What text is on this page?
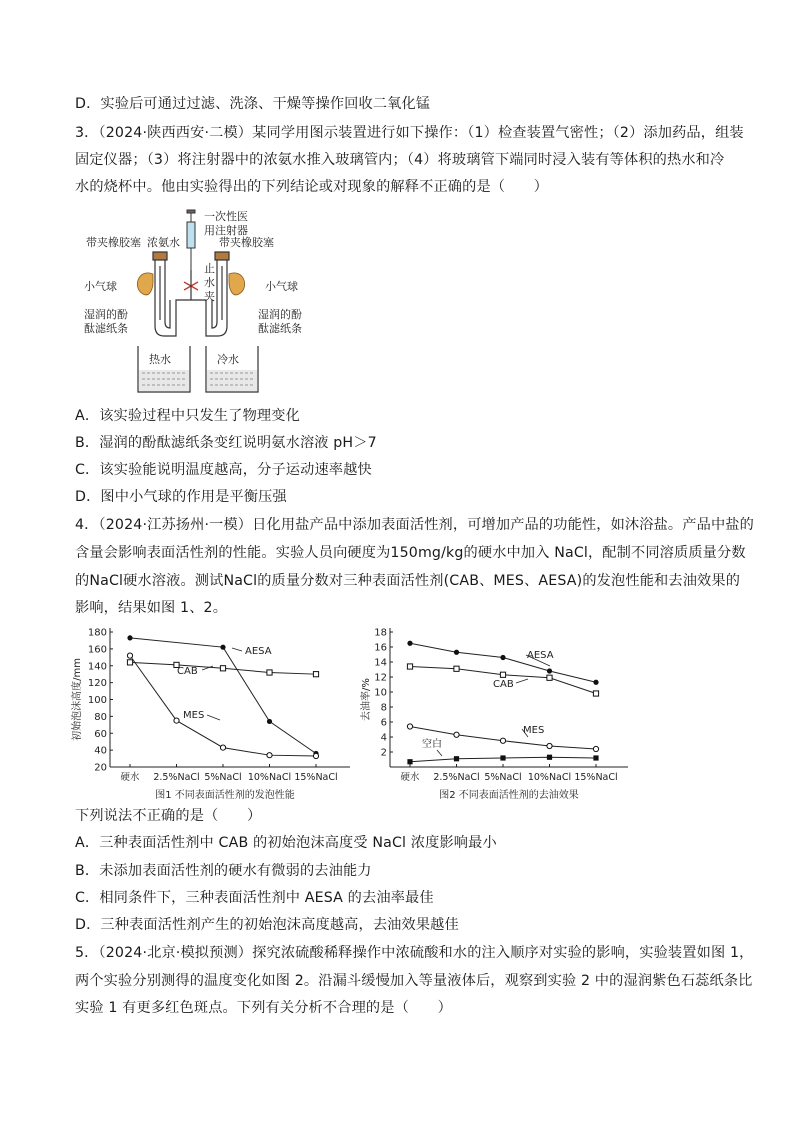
D．实验后可通过过滤、洗涤、干燥等操作回收二氧化锰
3．（2024·陕西西安·二模）某同学用图示装置进行如下操作：（1）检查装置气密性；（2）添加药品，组装
固定仪器；（3）将注射器中的浓氨水推入玻璃管内；（4）将玻璃管下端同时浸入装有等体积的热水和冷
水的烧杯中。他由实验得出的下列结论或对现象的解释不正确的是（　　）
一次性医
用注射器
带夹橡胶塞 浓氨水	带夹橡胶塞
止
水
夹
小气球	小气球
湿润的酚
酞滤纸条
湿润的酚
酞滤纸条
热水	冷水
A．该实验过程中只发生了物理变化
B．湿润的酚酞滤纸条变红说明氨水溶液 pH＞7
C．该实验能说明温度越高，分子运动速率越快
D．图中小气球的作用是平衡压强
4．（2024·江苏扬州·一模）日化用盐产品中添加表面活性剂，可增加产品的功能性，如沐浴盐。产品中盐的
含量会影响表面活性剂的性能。实验人员向硬度为150mg/kg的硬水中加入 NaCl，配制不同溶质质量分数
的NaCl硬水溶液。测试NaCl的质量分数对三种表面活性剂(CAB、MES、AESA)的发泡性能和去油效果的
影响，结果如图 1、2。
20
40
60
80
100
120
140
160
180
硬水 2.5%NaCl 5%NaCl 10%NaCl 15%NaCl
初始泡沫高度/mm
图1 不同表面活性剂的发泡性能
AESA
CAB
MES
2
4
6
8
10
12
14
16
18
硬水 2.5%NaCl 5%NaCl 10%NaCl 15%NaCl
去油率/%
图2 不同表面活性剂的去油效果
AESA
CAB
MES
空白
下列说法不正确的是（　　）
A．三种表面活性剂中 CAB 的初始泡沫高度受 NaCl 浓度影响最小
B．未添加表面活性剂的硬水有微弱的去油能力
C．相同条件下，三种表面活性剂中 AESA 的去油率最佳
D．三种表面活性剂产生的初始泡沫高度越高，去油效果越佳
5．（2024·北京·模拟预测）探究浓硫酸稀释操作中浓硫酸和水的注入顺序对实验的影响，实验装置如图 1，
两个实验分别测得的温度变化如图 2。沿漏斗缓慢加入等量液体后，观察到实验 2 中的湿润紫色石蕊纸条比
实验 1 有更多红色斑点。下列有关分析不合理的是（　　）
